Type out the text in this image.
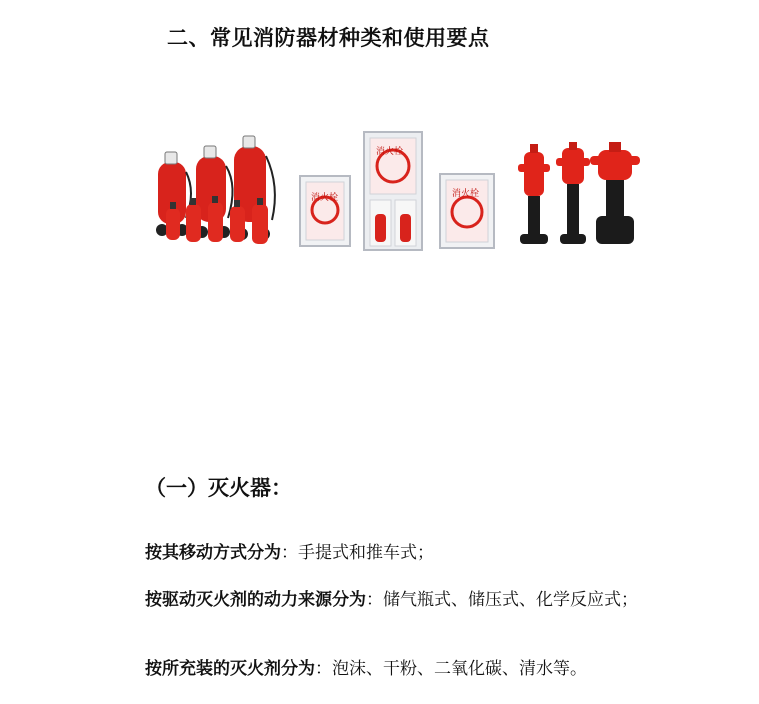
二、常见消防器材种类和使用要点
消火栓
消火栓
消火栓
（一）灭火器：

按其移动方式分为：手提式和推车式；

按驱动灭火剂的动力来源分为：储气瓶式、储压式、化学反应式；

按所充装的灭火剂分为：泡沫、干粉、二氧化碳、清水等。
